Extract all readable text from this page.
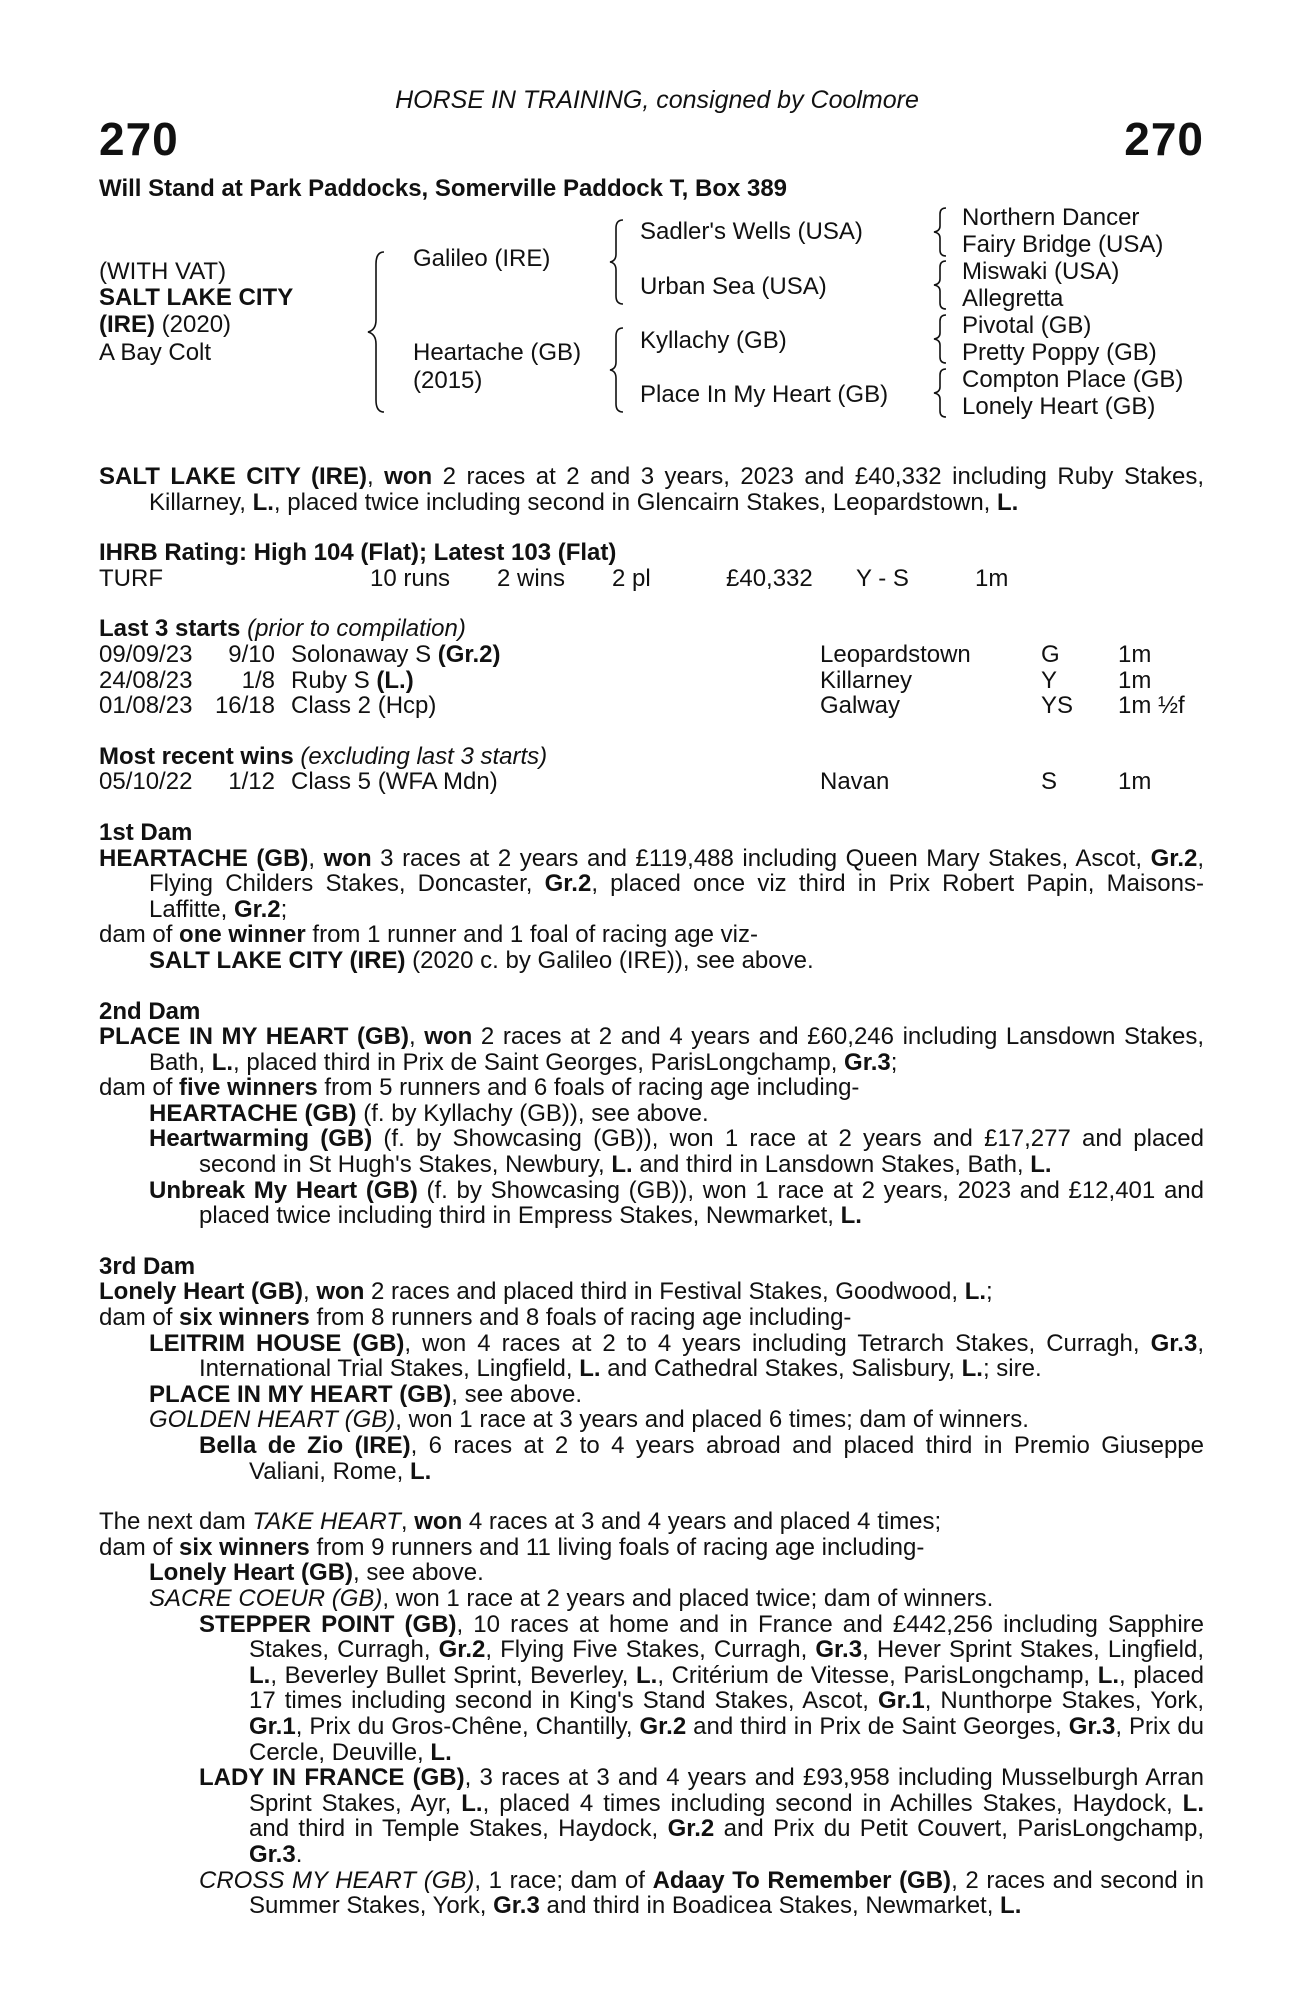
HORSE IN TRAINING, consigned by Coolmore
270	270
Will Stand at Park Paddocks, Somerville Paddock T, Box 389
(WITH VAT)
SALT LAKE CITY
(IRE) (2020)
A Bay Colt
Galileo (IRE)
Heartache (GB)
(2015)
Sadler's Wells (USA)
Urban Sea (USA)
Kyllachy (GB)
Place In My Heart (GB)
Northern Dancer
Fairy Bridge (USA)
Miswaki (USA)
Allegretta
Pivotal (GB)
Pretty Poppy (GB)
Compton Place (GB)
Lonely Heart (GB)
SALT LAKE CITY (IRE), won 2 races at 2 and 3 years, 2023 and £40,332 including Ruby Stakes, Killarney, L., placed twice including second in Glencairn Stakes, Leopardstown, L.
IHRB Rating: High 104 (Flat); Latest 103 (Flat)
TURF	10 runs 2 wins 2 pl	£40,332 Y - S	1m
Last 3 starts (prior to compilation)
09/09/23	9/10 Solonaway S (Gr.2)	Leopardstown	G 1m
24/08/23	1/8 Ruby S (L.)	Killarney	Y	1m
01/08/23 16/18 Class 2 (Hcp)	Galway	YS 1m ½f
Most recent wins (excluding last 3 starts)
05/10/22	1/12 Class 5 (WFA Mdn)	Navan	S	1m
1st Dam
HEARTACHE (GB), won 3 races at 2 years and £119,488 including Queen Mary Stakes, Ascot, Gr.2, Flying Childers Stakes, Doncaster, Gr.2, placed once viz third in Prix Robert Papin, Maisons-Laffitte, Gr.2;
dam of one winner from 1 runner and 1 foal of racing age viz-
SALT LAKE CITY (IRE) (2020 c. by Galileo (IRE)), see above.
2nd Dam
PLACE IN MY HEART (GB), won 2 races at 2 and 4 years and £60,246 including Lansdown Stakes, Bath, L., placed third in Prix de Saint Georges, ParisLongchamp, Gr.3;
dam of five winners from 5 runners and 6 foals of racing age including-
HEARTACHE (GB) (f. by Kyllachy (GB)), see above.
Heartwarming (GB) (f. by Showcasing (GB)), won 1 race at 2 years and £17,277 and placed second in St Hugh's Stakes, Newbury, L. and third in Lansdown Stakes, Bath, L.
Unbreak My Heart (GB) (f. by Showcasing (GB)), won 1 race at 2 years, 2023 and £12,401 and placed twice including third in Empress Stakes, Newmarket, L.
3rd Dam
Lonely Heart (GB), won 2 races and placed third in Festival Stakes, Goodwood, L.;
dam of six winners from 8 runners and 8 foals of racing age including-
LEITRIM HOUSE (GB), won 4 races at 2 to 4 years including Tetrarch Stakes, Curragh, Gr.3, International Trial Stakes, Lingfield, L. and Cathedral Stakes, Salisbury, L.; sire.
PLACE IN MY HEART (GB), see above.
GOLDEN HEART (GB), won 1 race at 3 years and placed 6 times; dam of winners.
Bella de Zio (IRE), 6 races at 2 to 4 years abroad and placed third in Premio Giuseppe Valiani, Rome, L.
The next dam TAKE HEART, won 4 races at 3 and 4 years and placed 4 times;
dam of six winners from 9 runners and 11 living foals of racing age including-
Lonely Heart (GB), see above.
SACRE COEUR (GB), won 1 race at 2 years and placed twice; dam of winners.
STEPPER POINT (GB), 10 races at home and in France and £442,256 including Sapphire Stakes, Curragh, Gr.2, Flying Five Stakes, Curragh, Gr.3, Hever Sprint Stakes, Lingfield, L., Beverley Bullet Sprint, Beverley, L., Critérium de Vitesse, ParisLongchamp, L., placed 17 times including second in King's Stand Stakes, Ascot, Gr.1, Nunthorpe Stakes, York, Gr.1, Prix du Gros-Chêne, Chantilly, Gr.2 and third in Prix de Saint Georges, Gr.3, Prix du Cercle, Deuville, L.
LADY IN FRANCE (GB), 3 races at 3 and 4 years and £93,958 including Musselburgh Arran Sprint Stakes, Ayr, L., placed 4 times including second in Achilles Stakes, Haydock, L. and third in Temple Stakes, Haydock, Gr.2 and Prix du Petit Couvert, ParisLongchamp, Gr.3.
CROSS MY HEART (GB), 1 race; dam of Adaay To Remember (GB), 2 races and second in Summer Stakes, York, Gr.3 and third in Boadicea Stakes, Newmarket, L.
